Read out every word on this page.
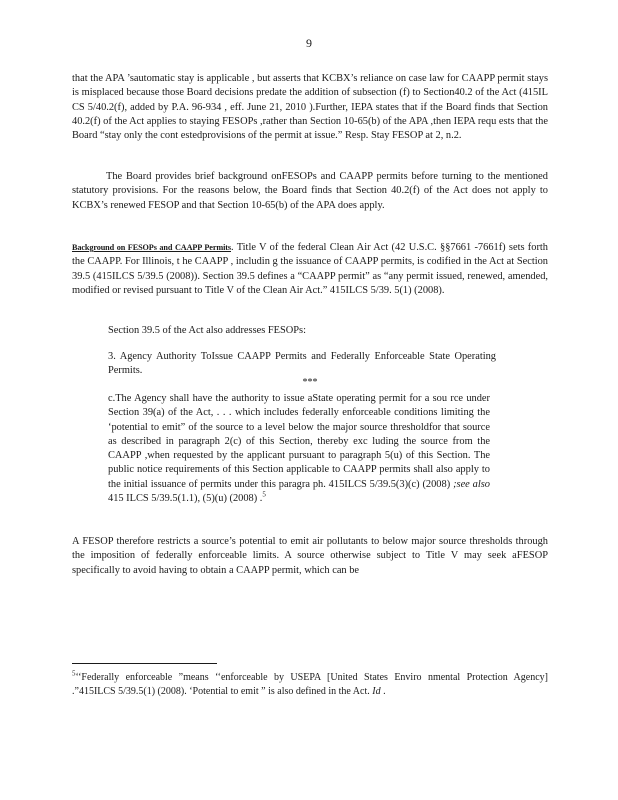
9

that the APA ’sautomatic stay is applicable , but asserts that KCBX’s reliance on case law for CAAPP permit stays is misplaced because those Board decisions predate the addition of subsection (f) to Section40.2 of the Act (415IL CS 5/40.2(f), added by P.A. 96-934 , eff. June 21, 2010 ).Further, IEPA states that if the Board finds that Section 40.2(f) of the Act applies to staying FESOPs ,rather than Section 10-65(b) of the APA ,then IEPA requ ests that the Board “stay only the cont estedprovisions of the permit at issue.” Resp. Stay FESOP at 2, n.2.

The Board provides brief background onFESOPs and CAAPP permits before turning to the mentioned statutory provisions. For the reasons below, the Board finds that Section 40.2(f) of the Act does not apply to KCBX’s renewed FESOP and that Section 10-65(b) of the APA does apply.

Background on FESOPs and CAAPP Permits. Title V of the federal Clean Air Act (42 U.S.C. §§7661 -7661f) sets forth the CAAPP. For Illinois, t he CAAPP , includin g the issuance of CAAPP permits, is codified in the Act at Section 39.5 (415ILCS 5/39.5 (2008)). Section 39.5 defines a “CAAPP permit” as “any permit issued, renewed, amended, modified or revised pursuant to Title V of the Clean Air Act.” 415ILCS 5/39. 5(1) (2008).

Section 39.5 of the Act also addresses FESOPs:

3. Agency Authority ToIssue CAAPP Permits and Federally Enforceable State Operating Permits.

***

c.The Agency shall have the authority to issue aState operating permit for a sou rce under Section 39(a) of the Act, . . . which includes federally enforceable conditions limiting the ‘potential to emit” of the source to a level below the major source thresholdfor that source as described in paragraph 2(c) of this Section, thereby exc luding the source from the CAAPP ,when requested by the applicant pursuant to paragraph 5(u) of this Section. The public notice requirements of this Section applicable to CAAPP permits shall also apply to the initial issuance of permits under this paragra ph. 415ILCS 5/39.5(3)(c) (2008) ;see also 415 ILCS 5/39.5(1.1), (5)(u) (2008) .$^5$

A FESOP therefore restricts a source’s potential to emit air pollutants to below major source thresholds through the imposition of federally enforceable limits. A source otherwise subject to Title V may seek aFESOP specifically to avoid having to obtain a CAAPP permit, which can be

$^5$‘‘Federally enforceable ”means ‘‘enforceable by USEPA [United States Enviro nmental Protection Agency] .”415ILCS 5/39.5(1) (2008). ‘Potential to emit ” is also defined in the Act. Id .
